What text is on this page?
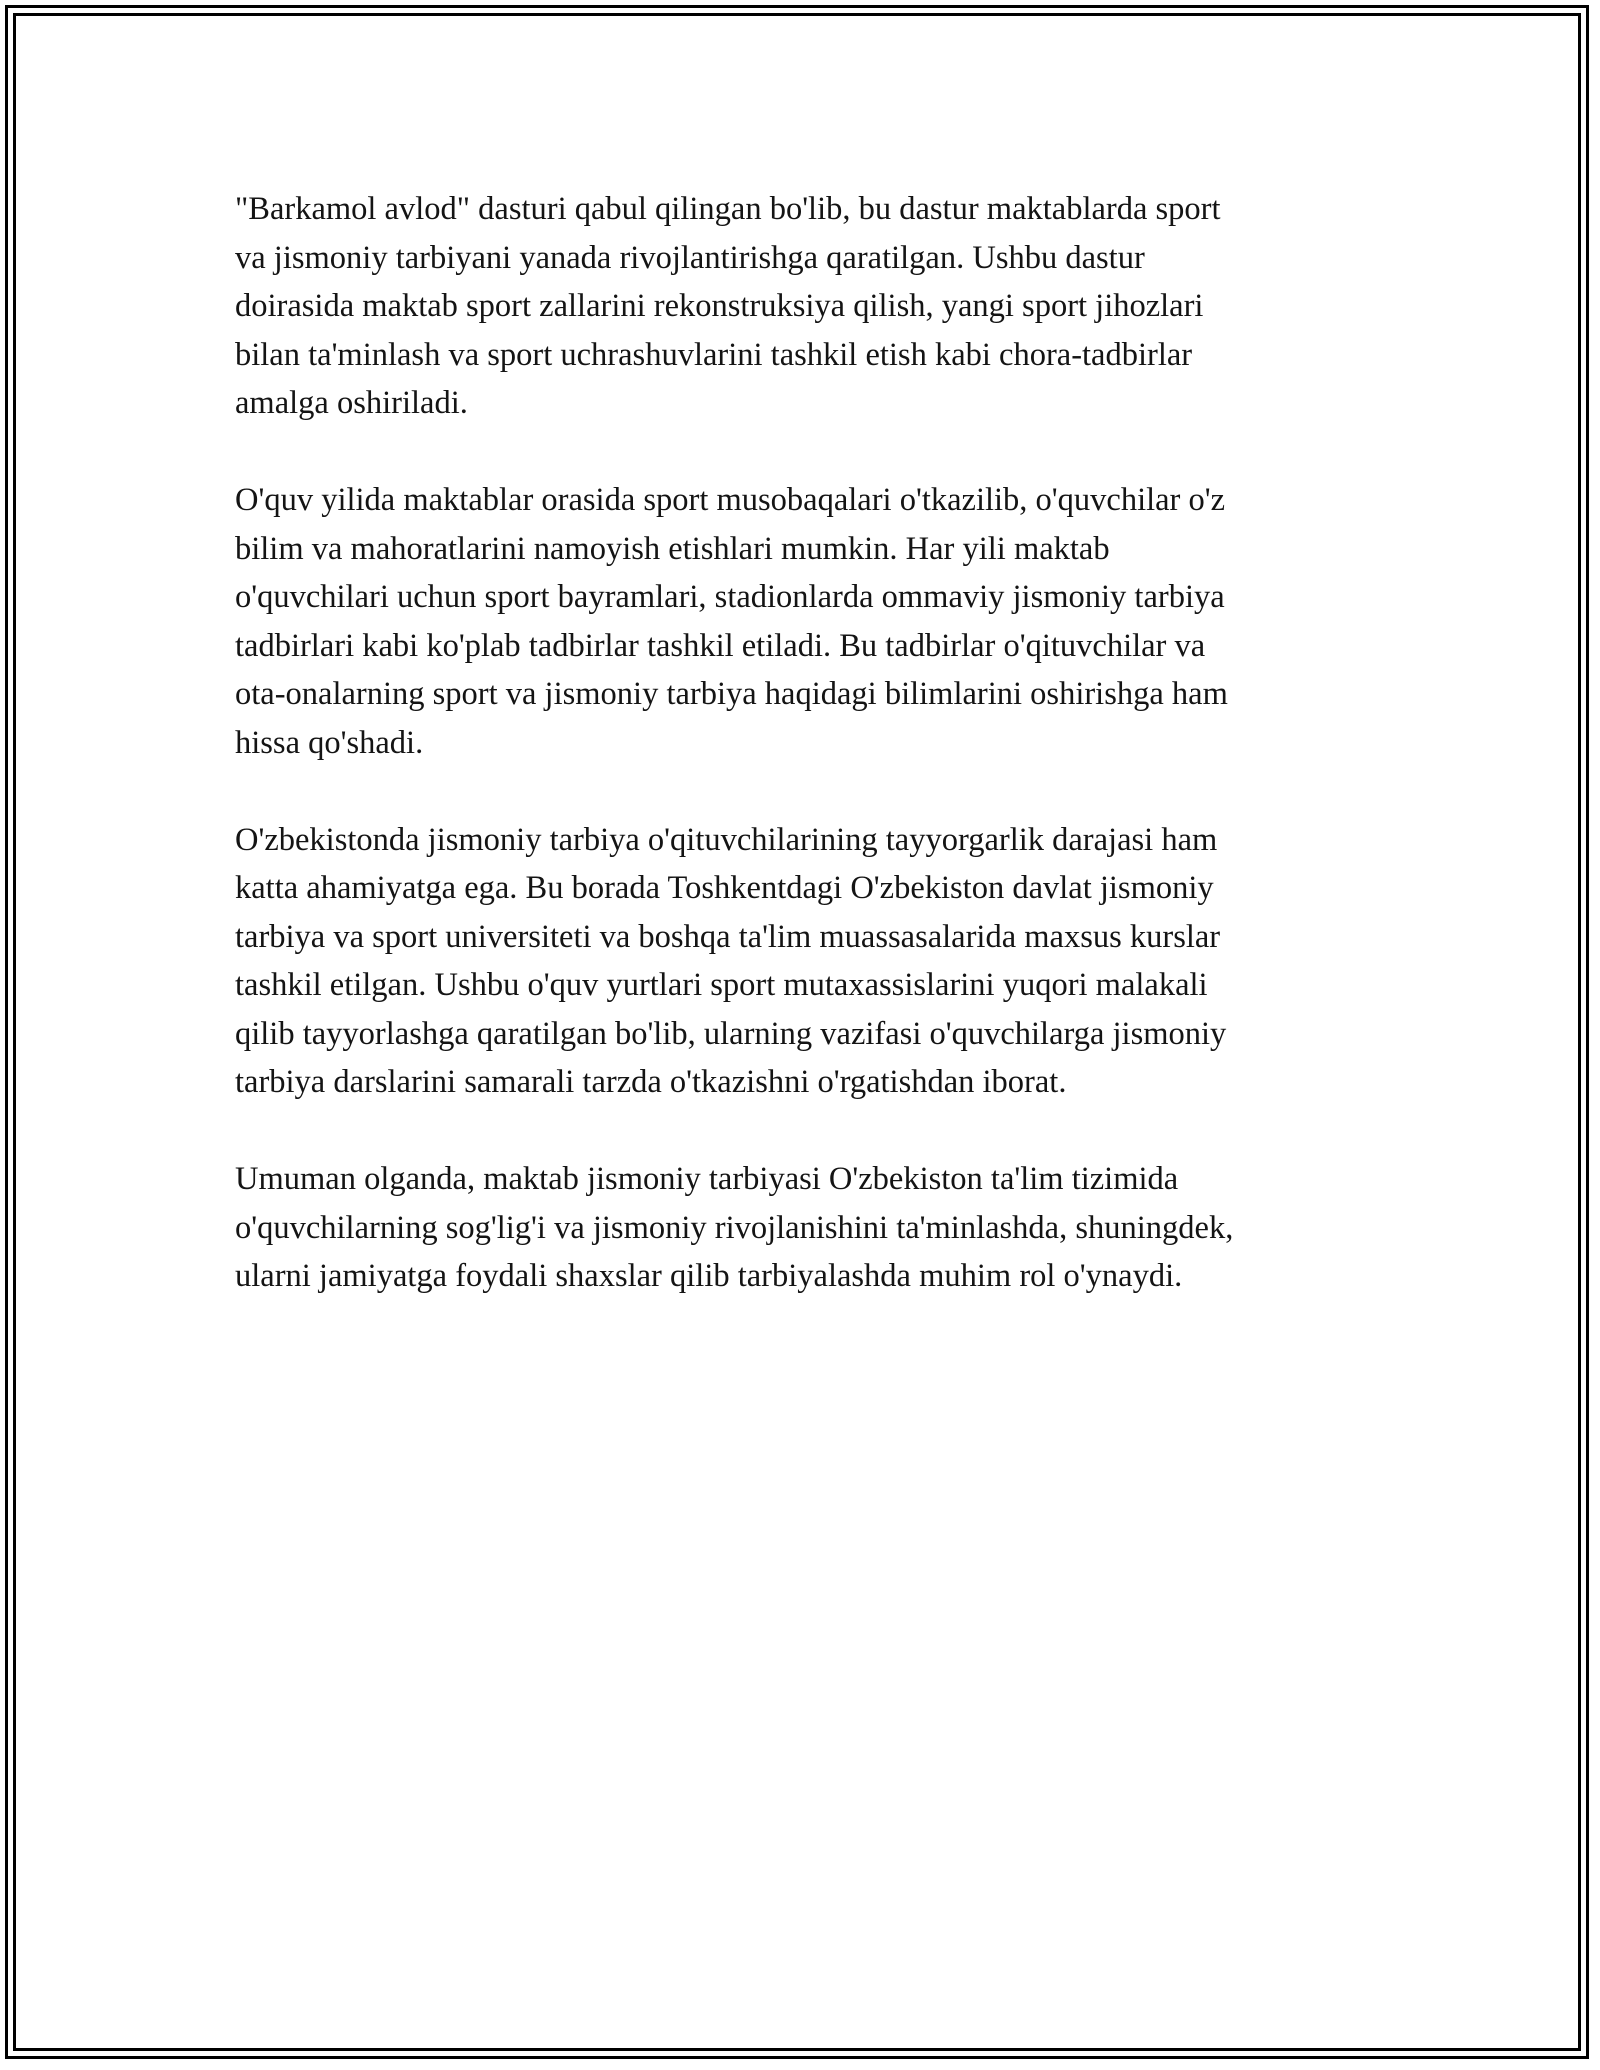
"Barkamol avlod" dasturi qabul qilingan bo'lib, bu dastur maktablarda sport
va jismoniy tarbiyani yanada rivojlantirishga qaratilgan. Ushbu dastur
doirasida maktab sport zallarini rekonstruksiya qilish, yangi sport jihozlari
bilan ta'minlash va sport uchrashuvlarini tashkil etish kabi chora-tadbirlar
amalga oshiriladi.

O'quv yilida maktablar orasida sport musobaqalari o'tkazilib, o'quvchilar o'z
bilim va mahoratlarini namoyish etishlari mumkin. Har yili maktab
o'quvchilari uchun sport bayramlari, stadionlarda ommaviy jismoniy tarbiya
tadbirlari kabi ko'plab tadbirlar tashkil etiladi. Bu tadbirlar o'qituvchilar va
ota-onalarning sport va jismoniy tarbiya haqidagi bilimlarini oshirishga ham
hissa qo'shadi.

O'zbekistonda jismoniy tarbiya o'qituvchilarining tayyorgarlik darajasi ham
katta ahamiyatga ega. Bu borada Toshkentdagi O'zbekiston davlat jismoniy
tarbiya va sport universiteti va boshqa ta'lim muassasalarida maxsus kurslar
tashkil etilgan. Ushbu o'quv yurtlari sport mutaxassislarini yuqori malakali
qilib tayyorlashga qaratilgan bo'lib, ularning vazifasi o'quvchilarga jismoniy
tarbiya darslarini samarali tarzda o'tkazishni o'rgatishdan iborat.

Umuman olganda, maktab jismoniy tarbiyasi O'zbekiston ta'lim tizimida
o'quvchilarning sog'lig'i va jismoniy rivojlanishini ta'minlashda, shuningdek,
ularni jamiyatga foydali shaxslar qilib tarbiyalashda muhim rol o'ynaydi.
